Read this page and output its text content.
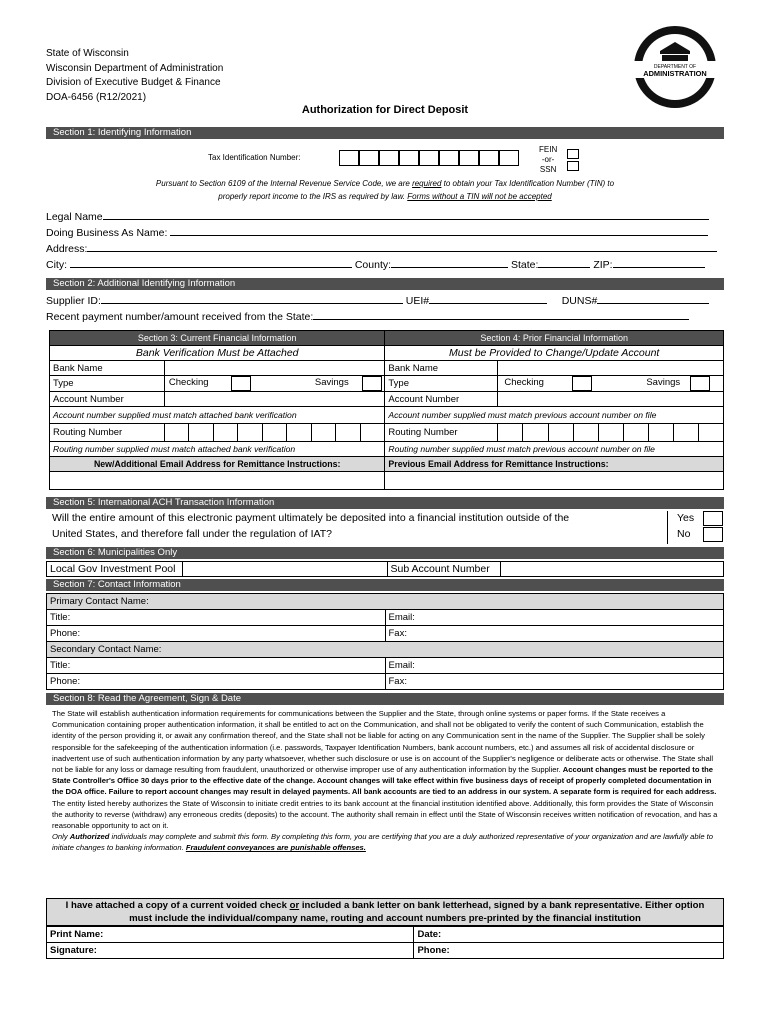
State of Wisconsin
Wisconsin Department of Administration
Division of Executive Budget & Finance
DOA-6456 (R12/2021)
DEPARTMENT OF
ADMINISTRATION
Authorization for Direct Deposit
Section 1: Identifying Information
Tax Identification Number:
FEIN
-or-
SSN
Pursuant to Section 6109 of the Internal Revenue Service Code, we are required to obtain your Tax Identification Number (TIN) to
properly report income to the IRS as required by law. Forms without a TIN will not be accepted
Legal Name
Doing Business As Name:
Address:
City:	County:	State:	ZIP:
Section 2: Additional Identifying Information
Supplier ID:	UEI#	DUNS#
Recent payment number/amount received from the State:
Section 3: Current Financial Information		Section 4: Prior Financial Information	
Bank Verification Must be Attached		Must be Provided to Change/Update Account	
Bank Name		Bank Name	
Type	Checking Savings	Type	Checking Savings

Account Number		Account Number	
Account number supplied must match attached bank verification		Account number supplied must match previous account number on file	
Routing Number		Routing Number	

Routing number supplied must match attached bank verification		Routing number supplied must match previous account number on file	
New/Additional Email Address for Remittance Instructions:		Previous Email Address for Remittance Instructions:	

Section 5: International ACH Transaction Information
Will the entire amount of this electronic payment ultimately be deposited into a financial institution outside of the
United States, and therefore fall under the regulation of IAT?
Yes
No
Section 6: Municipalities Only
Local Gov Investment Pool		Sub Account Number	
Section 7: Contact Information
Primary Contact Name:	
Title:	Email:
Phone:	Fax:
Secondary Contact Name:	
Title:	Email:
Phone:	Fax:
Section 8: Read the Agreement, Sign & Date
The State will establish authentication information requirements for communications between the Supplier and the State, through online systems or paper forms. If the State receives a Communication containing proper authentication information, it shall be entitled to act on the Communication, and shall not be obligated to verify the content of such Communication, establish the identity of the person providing it, or await any confirmation thereof, and the State shall not be liable for acting on any Communication sent in the name of the Supplier. The Supplier shall be solely responsible for the safekeeping of the authentication information (i.e. passwords, Taxpayer Identification Numbers, bank account numbers, etc.) and assumes all risk of accidental disclosure or inadvertent use of such authentication information by any party whatsoever, whether such disclosure or use is on account of the Supplier's negligence or deliberate acts or otherwise. The State shall not be liable for any loss or damage resulting from fraudulent, unauthorized or otherwise improper use of any authentication information by the Supplier. Account changes must be reported to the State Controller's Office 30 days prior to the effective date of the change. Account changes will take effect within five business days of receipt of properly completed documentation in the DOA office. Failure to report account changes may result in delayed payments. All bank accounts are tied to an address in our system. A separate form is required for each address. The entity listed hereby authorizes the State of Wisconsin to initiate credit entries to its bank account at the financial institution identified above. Additionally, this form provides the State of Wisconsin the authority to reverse (withdraw) any erroneous credits (deposits) to the account. The authority shall remain in effect until the State of Wisconsin receives written notification of revocation, and has a reasonable opportunity to act on it.
Only Authorized individuals may complete and submit this form. By completing this form, you are certifying that you are a duly authorized representative of your organization and are lawfully able to initiate changes to banking information. Fraudulent conveyances are punishable offenses.
I have attached a copy of a current voided check or included a bank letter on bank letterhead, signed by a bank representative. Either option
must include the individual/company name, routing and account numbers pre-printed by the financial institution
Print Name:	Date:
Signature:	Phone:
